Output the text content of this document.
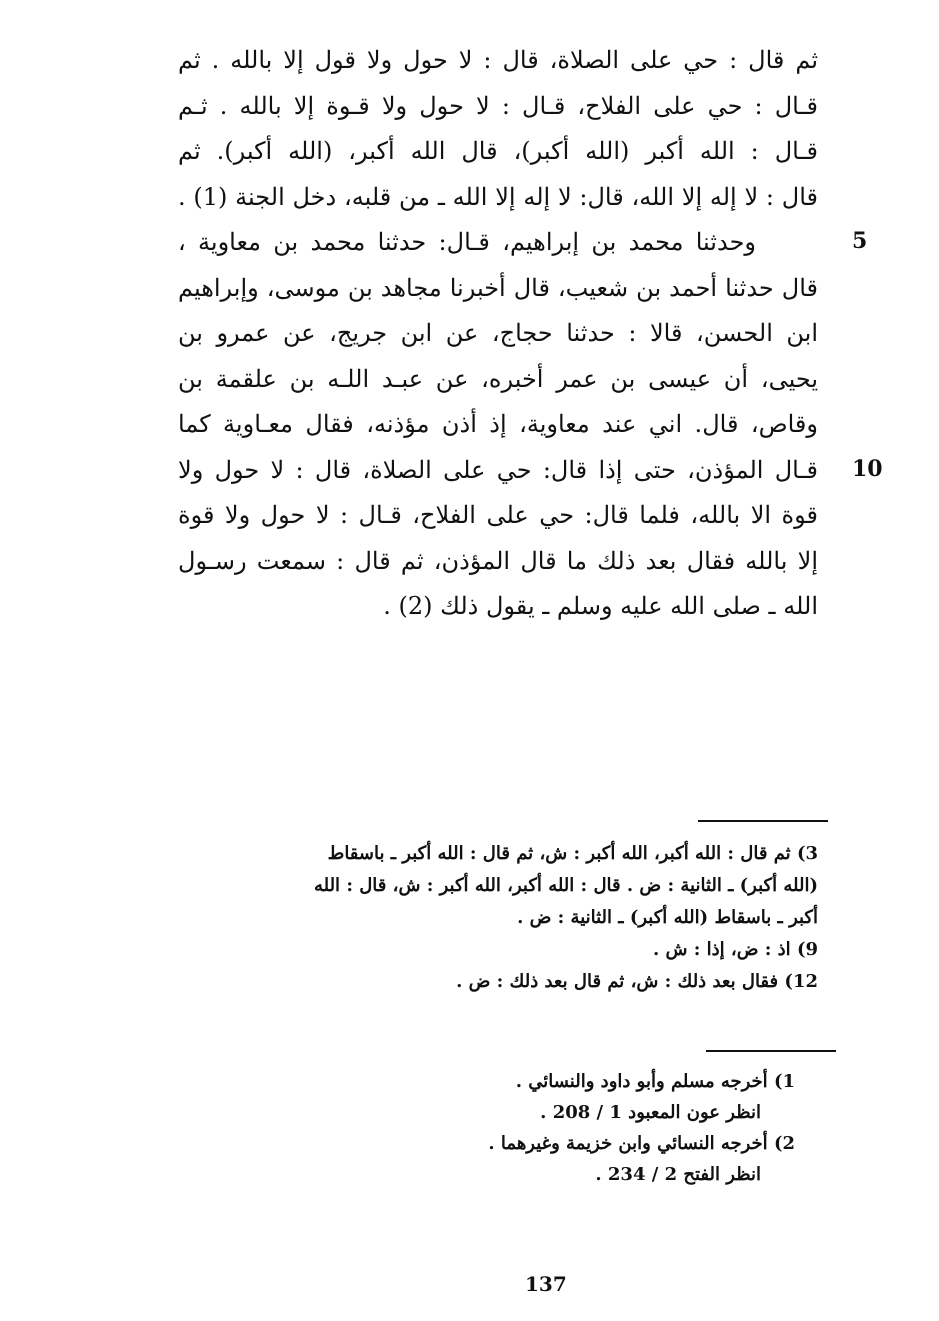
ثم قال : حي على الصلاة، قال : لا حول ولا قول إلا بالله . ثم
قـال : حي على الفلاح، قـال : لا حول ولا قـوة إلا بالله . ثـم
قـال : الله أكبر (الله أكبر)، قال الله أكبر، (الله أكبر). ثم
قال : لا إله إلا الله، قال: لا إله إلا الله ـ من قلبه، دخل الجنة (1) .
وحدثنا محمد بن إبراهيم، قـال: حدثنا محمد بن معاوية ،
قال حدثنا أحمد بن شعيب، قال أخبرنا مجاهد بن موسى، وإبراهيم
ابن الحسن، قالا : حدثنا حجاج، عن ابن جريج، عن عمرو بن
يحيى، أن عيسى بن عمر أخبره، عن عبـد اللـه بن علقمة بن
وقاص، قال. اني عند معاوية، إذ أذن مؤذنه، فقال معـاوية كما
قـال المؤذن، حتى إذا قال: حي على الصلاة، قال : لا حول ولا
قوة الا بالله، فلما قال: حي على الفلاح، قـال : لا حول ولا قوة
إلا بالله فقال بعد ذلك ما قال المؤذن، ثم قال : سمعت رسـول
الله ـ صلى الله عليه وسلم ـ يقول ذلك (2) .
5
10
3) ثم قال : الله أكبر، الله أكبر : ش، ثم قال : الله أكبر ـ باسقاط
(الله أكبر) ـ الثانية : ض . قال : الله أكبر، الله أكبر : ش، قال : الله
أكبر ـ باسقاط (الله أكبر) ـ الثانية : ض .
9) اذ : ض، إذا : ش .
12) فقال بعد ذلك : ش، ثم قال بعد ذلك : ض .
1) أخرجه مسلم وأبو داود والنسائي .
انظر عون المعبود 1 / 208 .
2) أخرجه النسائي وابن خزيمة وغيرهما .
انظر الفتح 2 / 234 .
137
